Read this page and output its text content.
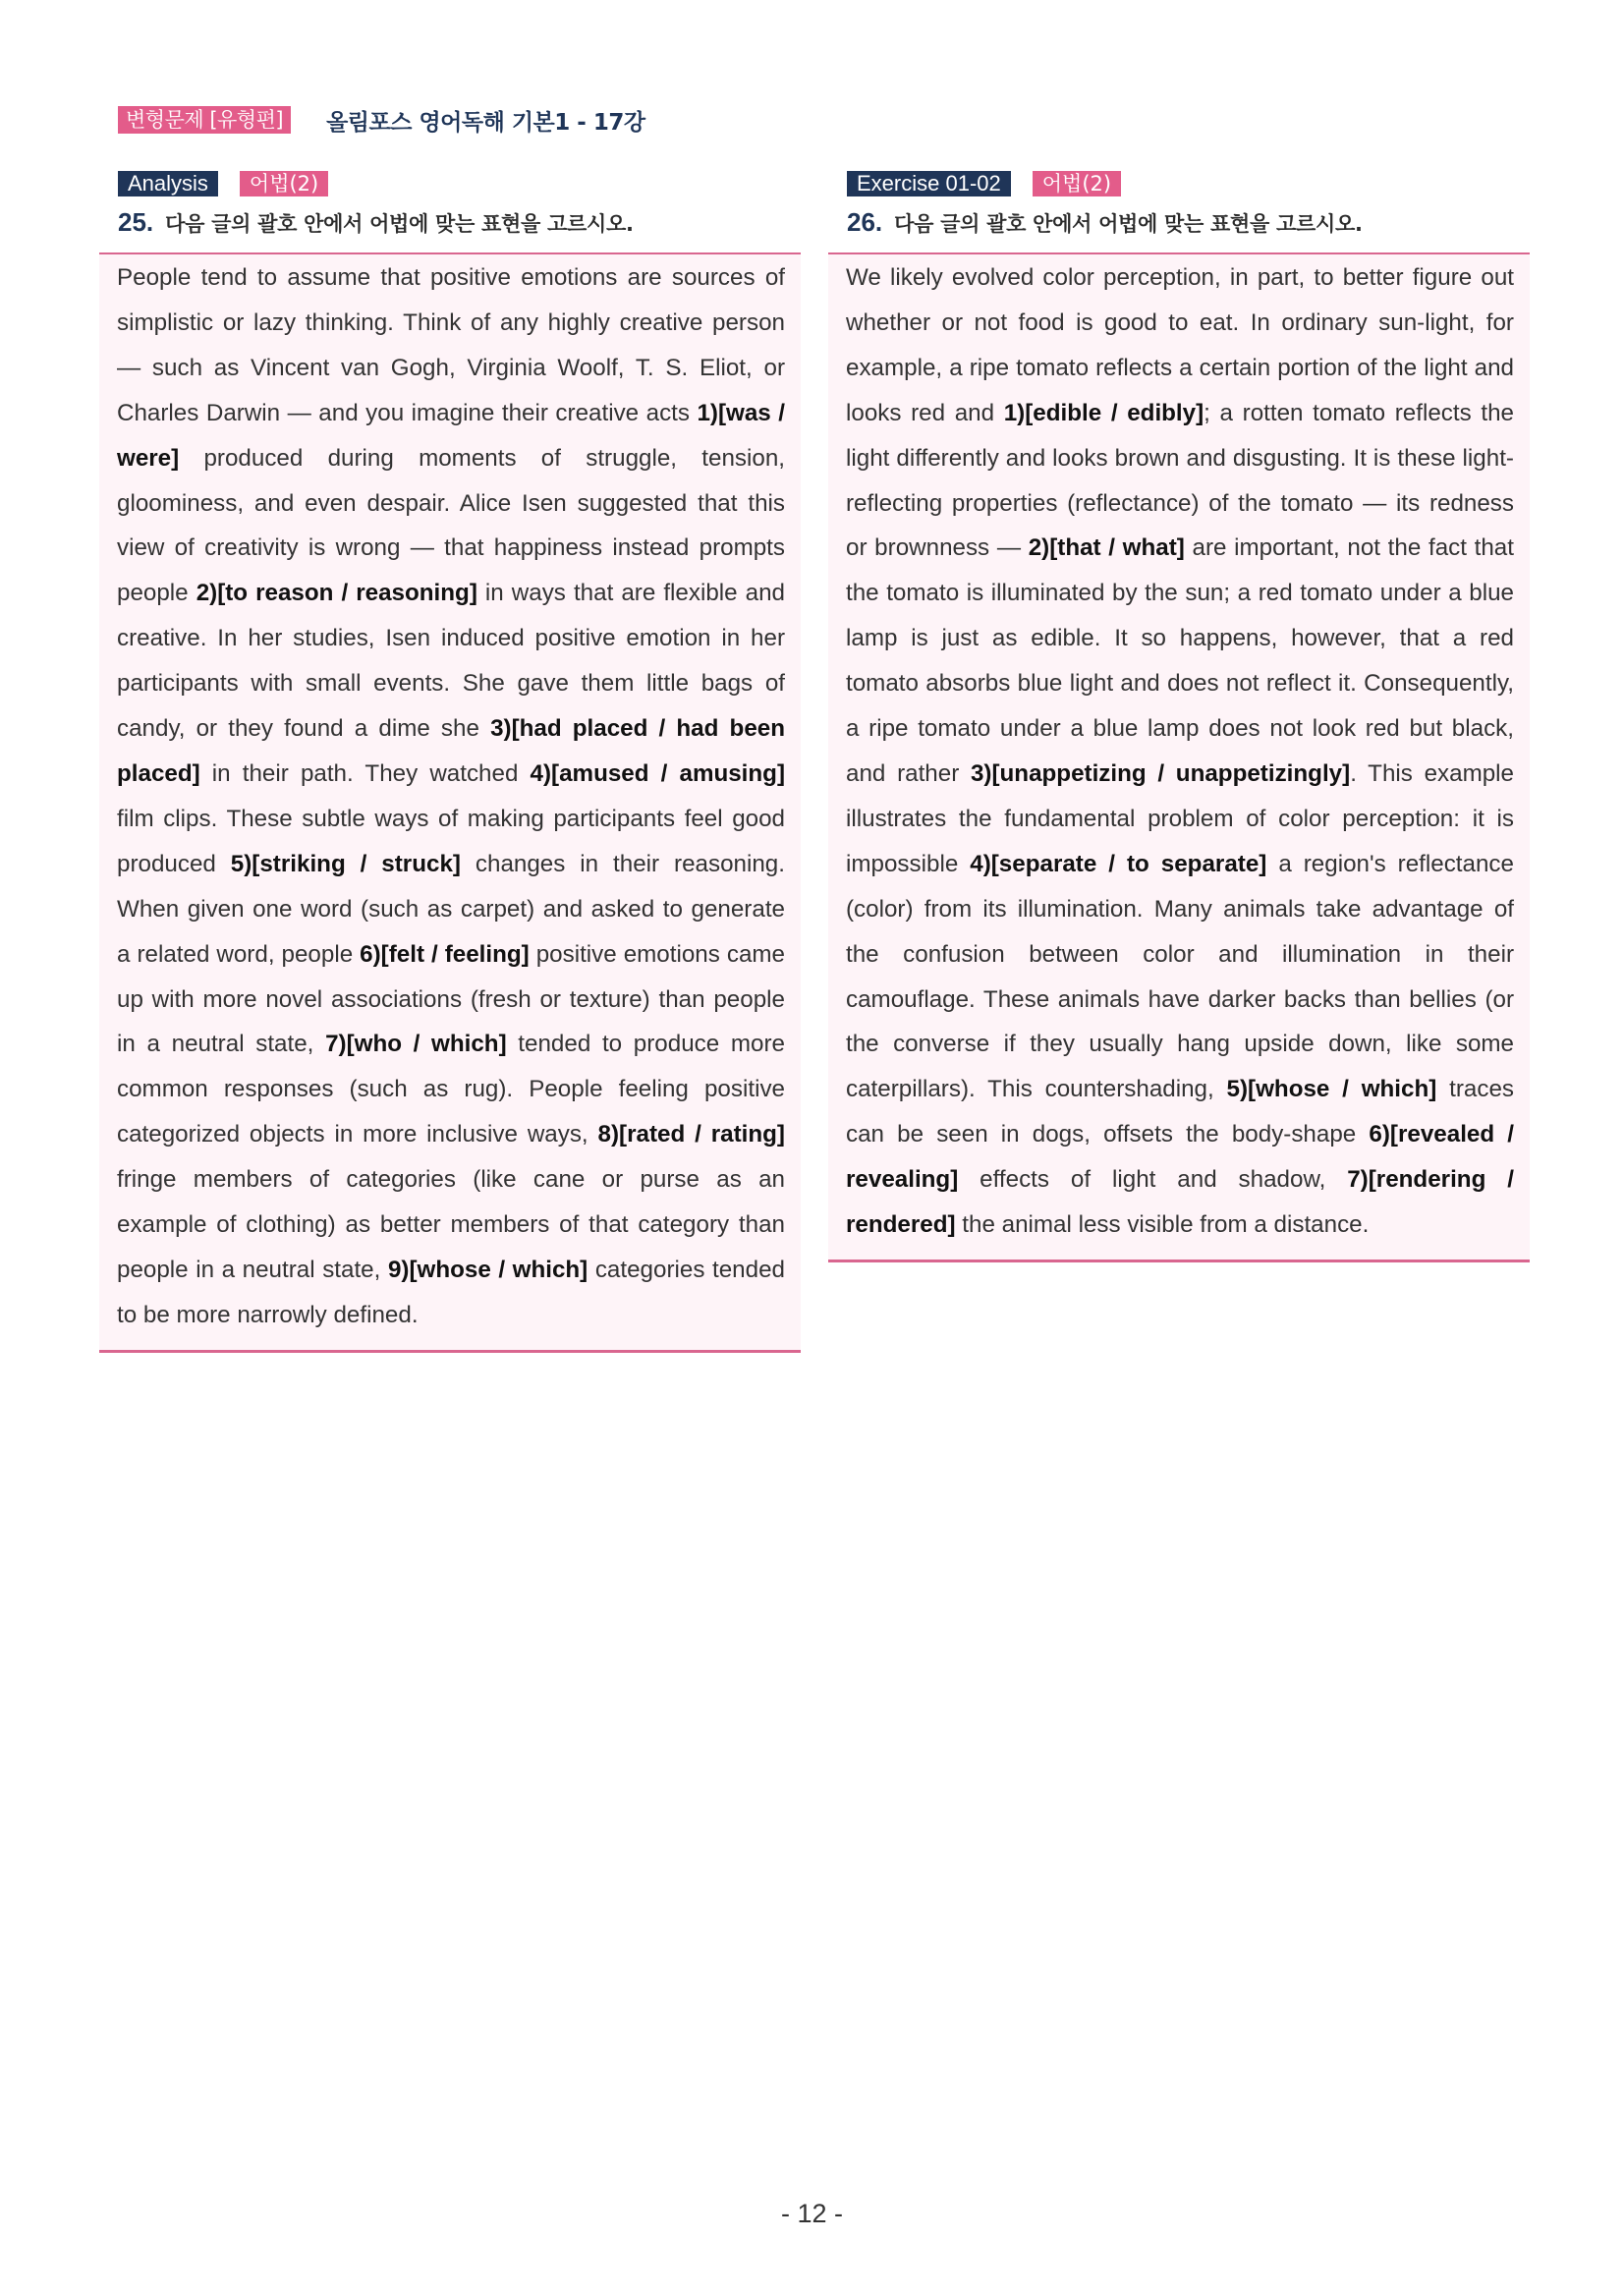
변형문제 [유형편]	올림포스 영어독해 기본1 - 17강
Analysis	어법(2)
25. 다음 글의 괄호 안에서 어법에 맞는 표현을 고르시오.

People tend to assume that positive emotions are sources of simplistic or lazy thinking. Think of any highly creative person — such as Vincent van Gogh, Virginia Woolf, T. S. Eliot, or Charles Darwin — and you imagine their creative acts 1)[was / were] produced during moments of struggle, tension, gloominess, and even despair. Alice Isen suggested that this view of creativity is wrong — that happiness instead prompts people 2)[to reason / reasoning] in ways that are flexible and creative. In her studies, Isen induced positive emotion in her participants with small events. She gave them little bags of candy, or they found a dime she 3)[had placed / had been placed] in their path. They watched 4)[amused / amusing] film clips. These subtle ways of making participants feel good produced 5)[striking / struck] changes in their reasoning. When given one word (such as carpet) and asked to generate a related word, people 6)[felt / feeling] positive emotions came up with more novel associations (fresh or texture) than people in a neutral state, 7)[who / which] tended to produce more common responses (such as rug). People feeling positive categorized objects in more inclusive ways, 8)[rated / rating] fringe members of categories (like cane or purse as an example of clothing) as better members of that category than people in a neutral state, 9)[whose / which] categories tended to be more narrowly defined.

Exercise 01-02	어법(2)
26. 다음 글의 괄호 안에서 어법에 맞는 표현을 고르시오.

We likely evolved color perception, in part, to better figure out whether or not food is good to eat. In ordinary sun-light, for example, a ripe tomato reflects a certain portion of the light and looks red and 1)[edible / edibly]; a rotten tomato reflects the light differently and looks brown and disgusting. It is these light-reflecting properties (reflectance) of the tomato — its redness or brownness — 2)[that / what] are important, not the fact that the tomato is illuminated by the sun; a red tomato under a blue lamp is just as edible. It so happens, however, that a red tomato absorbs blue light and does not reflect it. Consequently, a ripe tomato under a blue lamp does not look red but black, and rather 3)[unappetizing / unappetizingly]. This example illustrates the fundamental problem of color perception: it is impossible 4)[separate / to separate] a region's reflectance (color) from its illumination. Many animals take advantage of the confusion between color and illumination in their camouflage. These animals have darker backs than bellies (or the converse if they usually hang upside down, like some caterpillars). This countershading, 5)[whose / which] traces can be seen in dogs, offsets the body-shape 6)[revealed / revealing] effects of light and shadow, 7)[rendering / rendered] the animal less visible from a distance.

- 12 -
